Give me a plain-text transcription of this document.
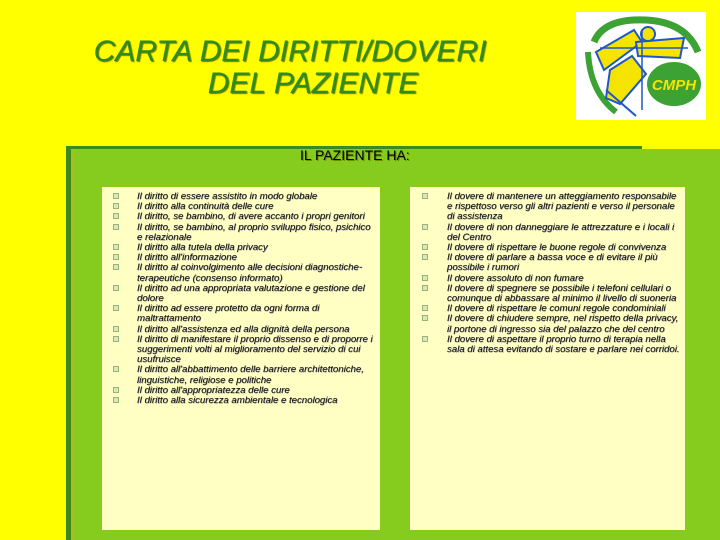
CARTA DEI DIRITTI/DOVERI
DEL PAZIENTE	CMPH
IL PAZIENTE HA:
Il diritto di essere assistito in modo globale
Il diritto alla continuità delle cure
Il diritto, se bambino, di avere accanto i propri genitori
Il diritto, se bambino, al proprio sviluppo fisico, psichico e relazionale
Il diritto alla tutela della privacy
Il diritto all'informazione
Il diritto al coinvolgimento alle decisioni diagnostiche-terapeutiche (consenso informato)
Il diritto ad una appropriata valutazione e gestione del dolore
Il diritto ad essere protetto da ogni forma di maltrattamento
Il diritto all'assistenza ed alla dignità della persona
Il diritto di manifestare il proprio dissenso e di proporre i suggerimenti volti al miglioramento del servizio di cui usufruisce
Il diritto all'abbattimento delle barriere architettoniche, linguistiche, religiose e politiche
Il diritto all'appropriatezza delle cure
Il diritto alla sicurezza ambientale e tecnologica
Il dovere di mantenere un atteggiamento responsabile e rispettoso verso gli altri pazienti e verso il personale di assistenza
Il dovere di non danneggiare le attrezzature e i locali i del Centro
Il dovere di rispettare le buone regole di convivenza
Il dovere di parlare a bassa voce e di evitare il più possibile i rumori
Il dovere assoluto di non fumare
Il dovere di spegnere se possibile i telefoni cellulari o comunque di abbassare al minimo il livello di suoneria
Il dovere di rispettare le comuni regole condominiali
Il dovere di chiudere sempre, nel rispetto della privacy, il portone di ingresso sia del palazzo che del centro
Il dovere di aspettare il proprio turno di terapia nella sala di attesa evitando di sostare e parlare nei corridoi.
